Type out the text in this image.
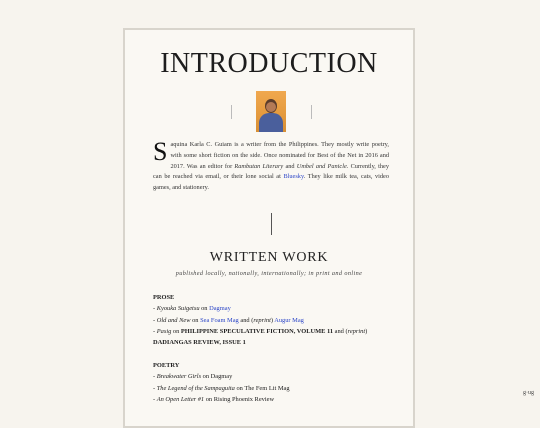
INTRODUCTION
Saquina Karla C. Guiam is a writer from the Philippines. They mostly write poetry, with some short fiction on the side. Once nominated for Best of the Net in 2016 and 2017. Was an editor for Rambutan Literary and Umbel and Panicle. Currently, they can be reached via email, or their lone social at Bluesky. They like milk tea, cats, video games, and stationery.
WRITTEN WORK
published locally, nationally, internationally; in print and online
PROSE
- Kyouka Suigetsu on Dagmay
- Old and New on Sea Foam Mag and (reprint) Augur Mag
- Pasig on PHILIPPINE SPECULATIVE FICTION, VOLUME 11 and (reprint)
DADIANGAS REVIEW, ISSUE 1
POETRY
- Breakwater Girls on Dagmay
- The Legend of the Sampaguita on The Fem Lit Mag
- An Open Letter #1 on Rising Phoenix Review
g·ug
